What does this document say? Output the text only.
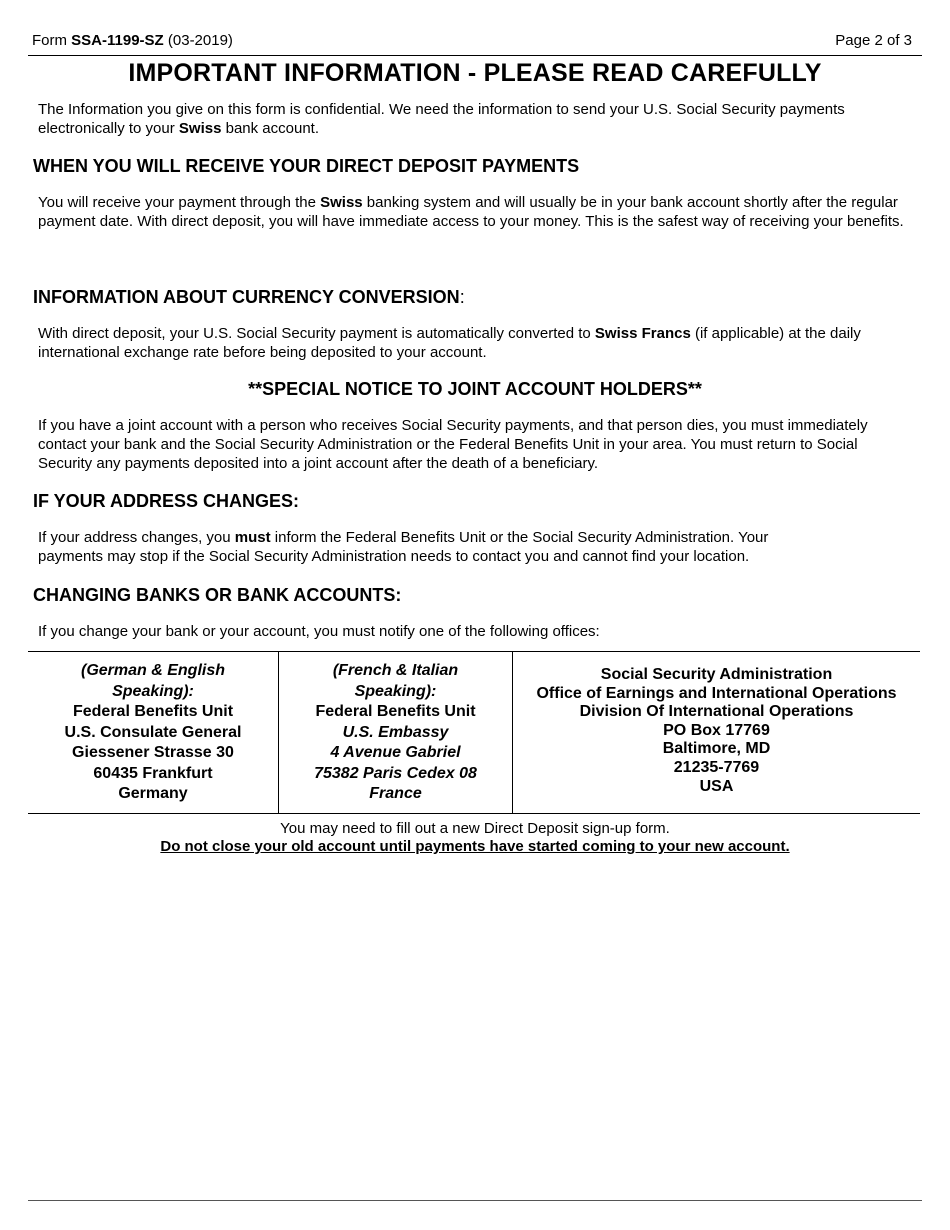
Form SSA-1199-SZ (03-2019)	Page 2 of 3
IMPORTANT INFORMATION - PLEASE READ CAREFULLY
The Information you give on this form is confidential. We need the information to send your U.S. Social Security payments electronically to your Swiss bank account.
WHEN YOU WILL RECEIVE YOUR DIRECT DEPOSIT PAYMENTS
You will receive your payment through the Swiss banking system and will usually be in your bank account shortly after the regular payment date. With direct deposit, you will have immediate access to your money. This is the safest way of receiving your benefits.
INFORMATION ABOUT CURRENCY CONVERSION:
With direct deposit, your U.S. Social Security payment is automatically converted to Swiss Francs (if applicable) at the daily international exchange rate before being deposited to your account.
**SPECIAL NOTICE TO JOINT ACCOUNT HOLDERS**
If you have a joint account with a person who receives Social Security payments, and that person dies, you must immediately contact your bank and the Social Security Administration or the Federal Benefits Unit in your area. You must return to Social Security any payments deposited into a joint account after the death of a beneficiary.
IF YOUR ADDRESS CHANGES:
If your address changes, you must inform the Federal Benefits Unit or the Social Security Administration. Your
payments may stop if the Social Security Administration needs to contact you and cannot find your location.
CHANGING BANKS OR BANK ACCOUNTS:
If you change your bank or your account, you must notify one of the following offices:
(German & English
Speaking):
Federal Benefits Unit
U.S. Consulate General
Giessener Strasse 30
60435 Frankfurt
Germany
(French & Italian
Speaking):
Federal Benefits Unit
U.S. Embassy
4 Avenue Gabriel
75382 Paris Cedex 08
France
Social Security Administration
Office of Earnings and International Operations
Division Of International Operations
PO Box 17769
Baltimore, MD
21235-7769
USA
You may need to fill out a new Direct Deposit sign-up form.
Do not close your old account until payments have started coming to your new account.
